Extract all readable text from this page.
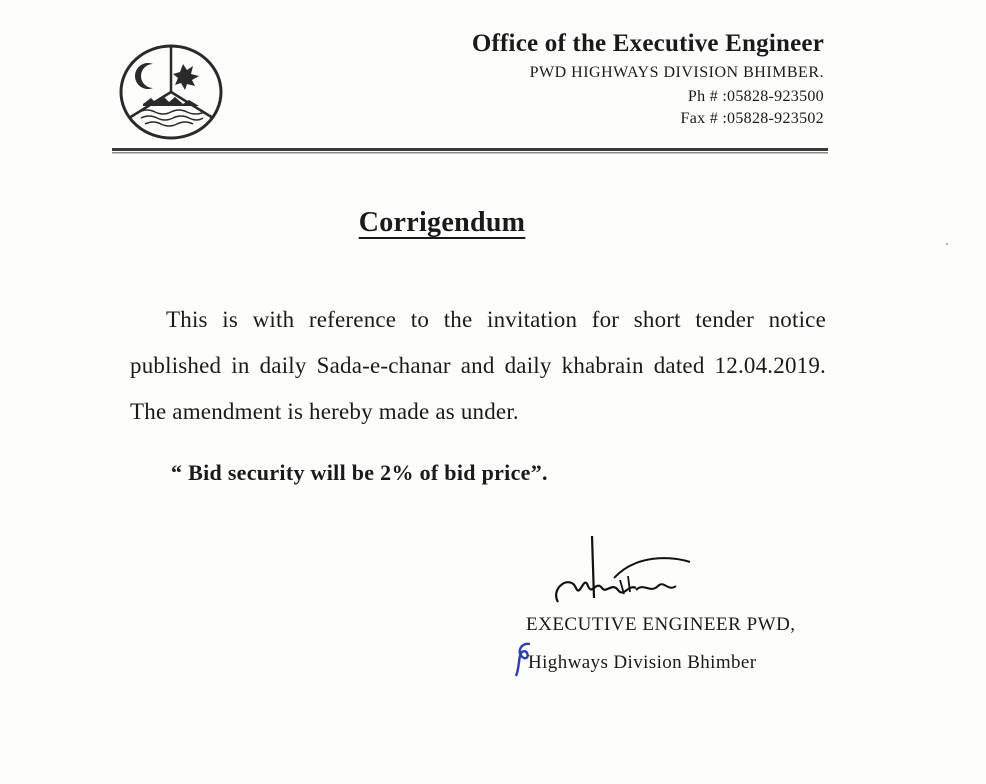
Office of the Executive Engineer
PWD HIGHWAYS DIVISION BHIMBER.
Ph # :05828-923500
Fax # :05828-923502
Corrigendum
This is with reference to the invitation for short tender notice published in daily Sada-e-chanar and daily khabrain dated 12.04.2019. The amendment is hereby made as under.
“ Bid security will be 2% of bid price”.
EXECUTIVE ENGINEER PWD,
Highways Division Bhimber
